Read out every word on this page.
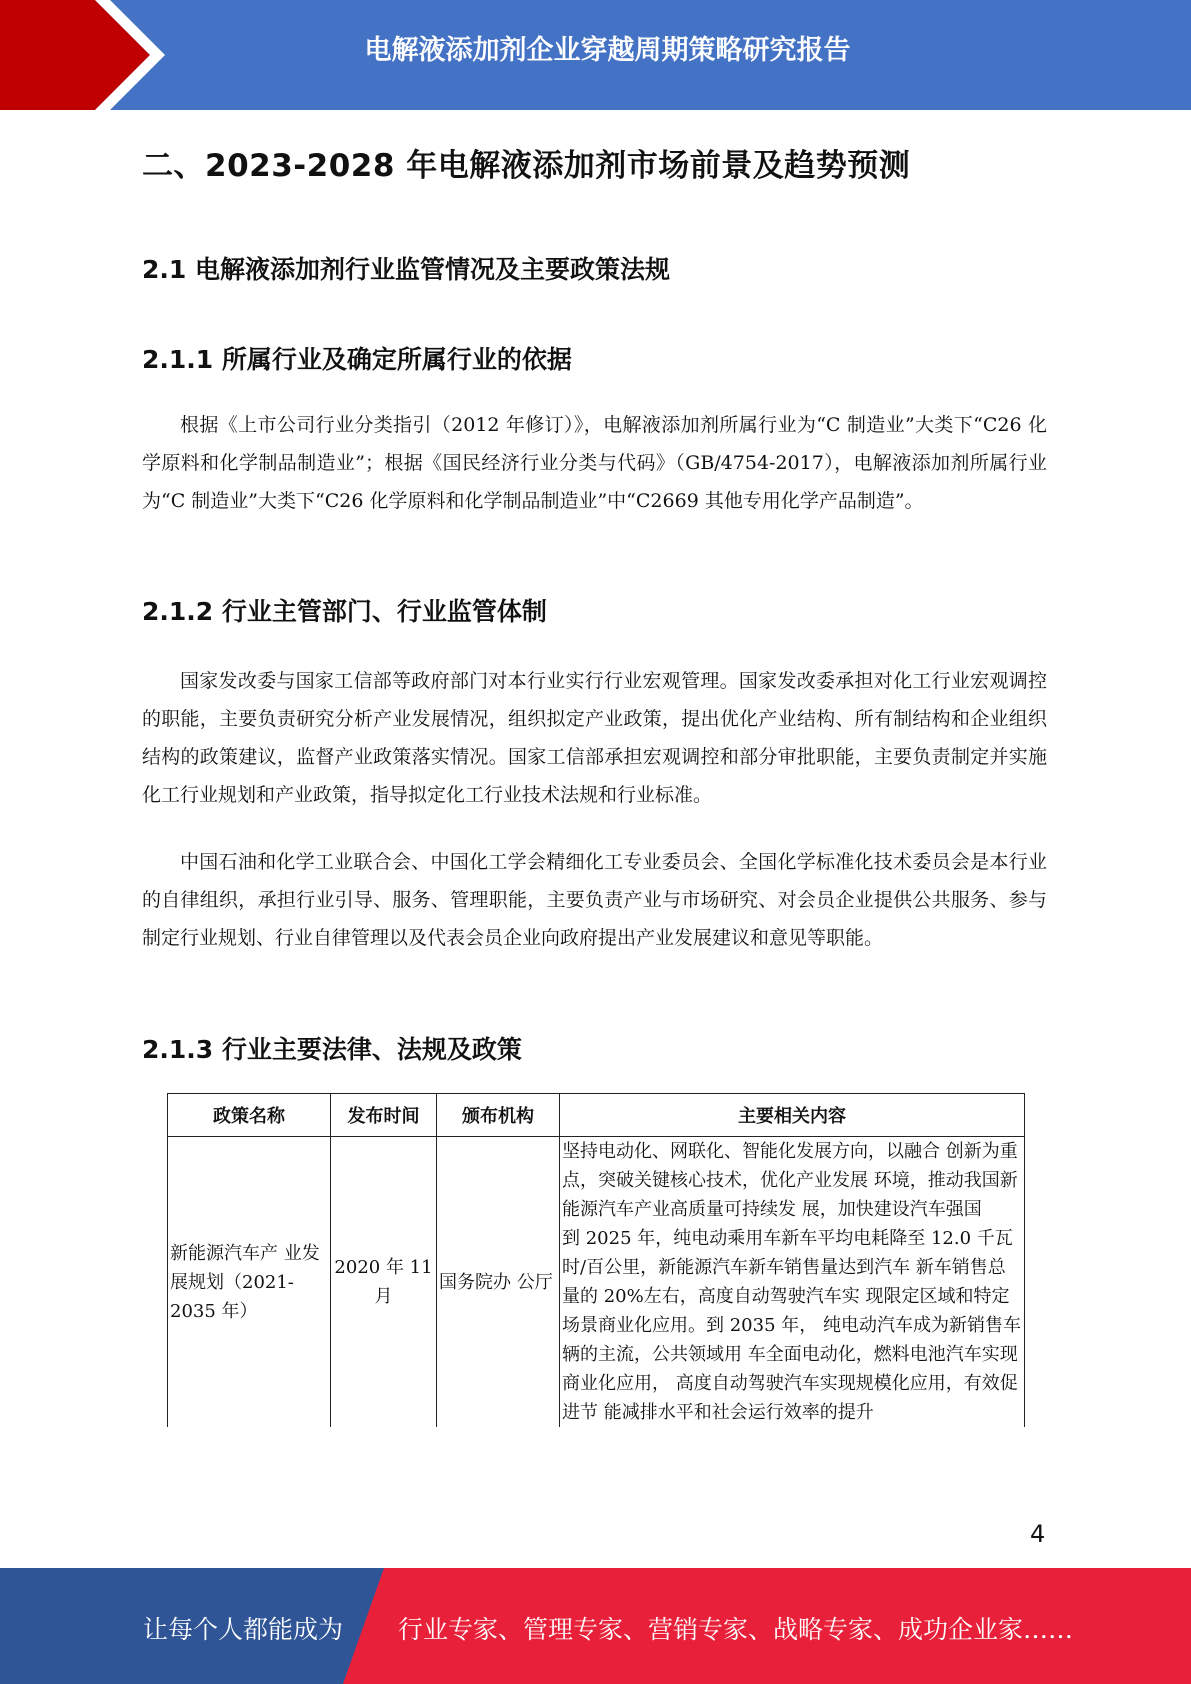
电解液添加剂企业穿越周期策略研究报告
二、2023-2028 年电解液添加剂市场前景及趋势预测
2.1 电解液添加剂行业监管情况及主要政策法规
2.1.1 所属行业及确定所属行业的依据

根据《上市公司行业分类指引（2012 年修订）》，电解液添加剂所属行业为“C 制造业”大类下“C26 化学原料和化学制品制造业”；根据《国民经济行业分类与代码》（GB/4754-2017），电解液添加剂所属行业为“C 制造业”大类下“C26 化学原料和化学制品制造业”中“C2669 其他专用化学产品制造”。

2.1.2 行业主管部门、行业监管体制

国家发改委与国家工信部等政府部门对本行业实行行业宏观管理。国家发改委承担对化工行业宏观调控的职能，主要负责研究分析产业发展情况，组织拟定产业政策，提出优化产业结构、所有制结构和企业组织结构的政策建议，监督产业政策落实情况。国家工信部承担宏观调控和部分审批职能，主要负责制定并实施化工行业规划和产业政策，指导拟定化工行业技术法规和行业标准。

中国石油和化学工业联合会、中国化工学会精细化工专业委员会、全国化学标准化技术委员会是本行业的自律组织，承担行业引导、服务、管理职能，主要负责产业与市场研究、对会员企业提供公共服务、参与制定行业规划、行业自律管理以及代表会员企业向政府提出产业发展建议和意见等职能。

2.1.3 行业主要法律、法规及政策
政策名称	发布时间	颁布机构	主要相关内容
新能源汽车产 业发展规划（2021-2035 年）	2020 年 11 月	国务院办 公厅	坚持电动化、网联化、智能化发展方向，以融合 创新为重点，突破关键核心技术，优化产业发展 环境，推动我国新能源汽车产业高质量可持续发 展，加快建设汽车强国
到 2025 年，纯电动乘用车新车平均电耗降至 12.0 千瓦时/百公里，新能源汽车新车销售量达到汽车 新车销售总量的 20%左右，高度自动驾驶汽车实 现限定区域和特定场景商业化应用。到 2035 年， 纯电动汽车成为新销售车辆的主流，公共领域用 车全面电动化，燃料电池汽车实现商业化应用， 高度自动驾驶汽车实现规模化应用，有效促进节 能减排水平和社会运行效率的提升
4
让每个人都能成为 行业专家、管理专家、营销专家、战略专家、成功企业家……
